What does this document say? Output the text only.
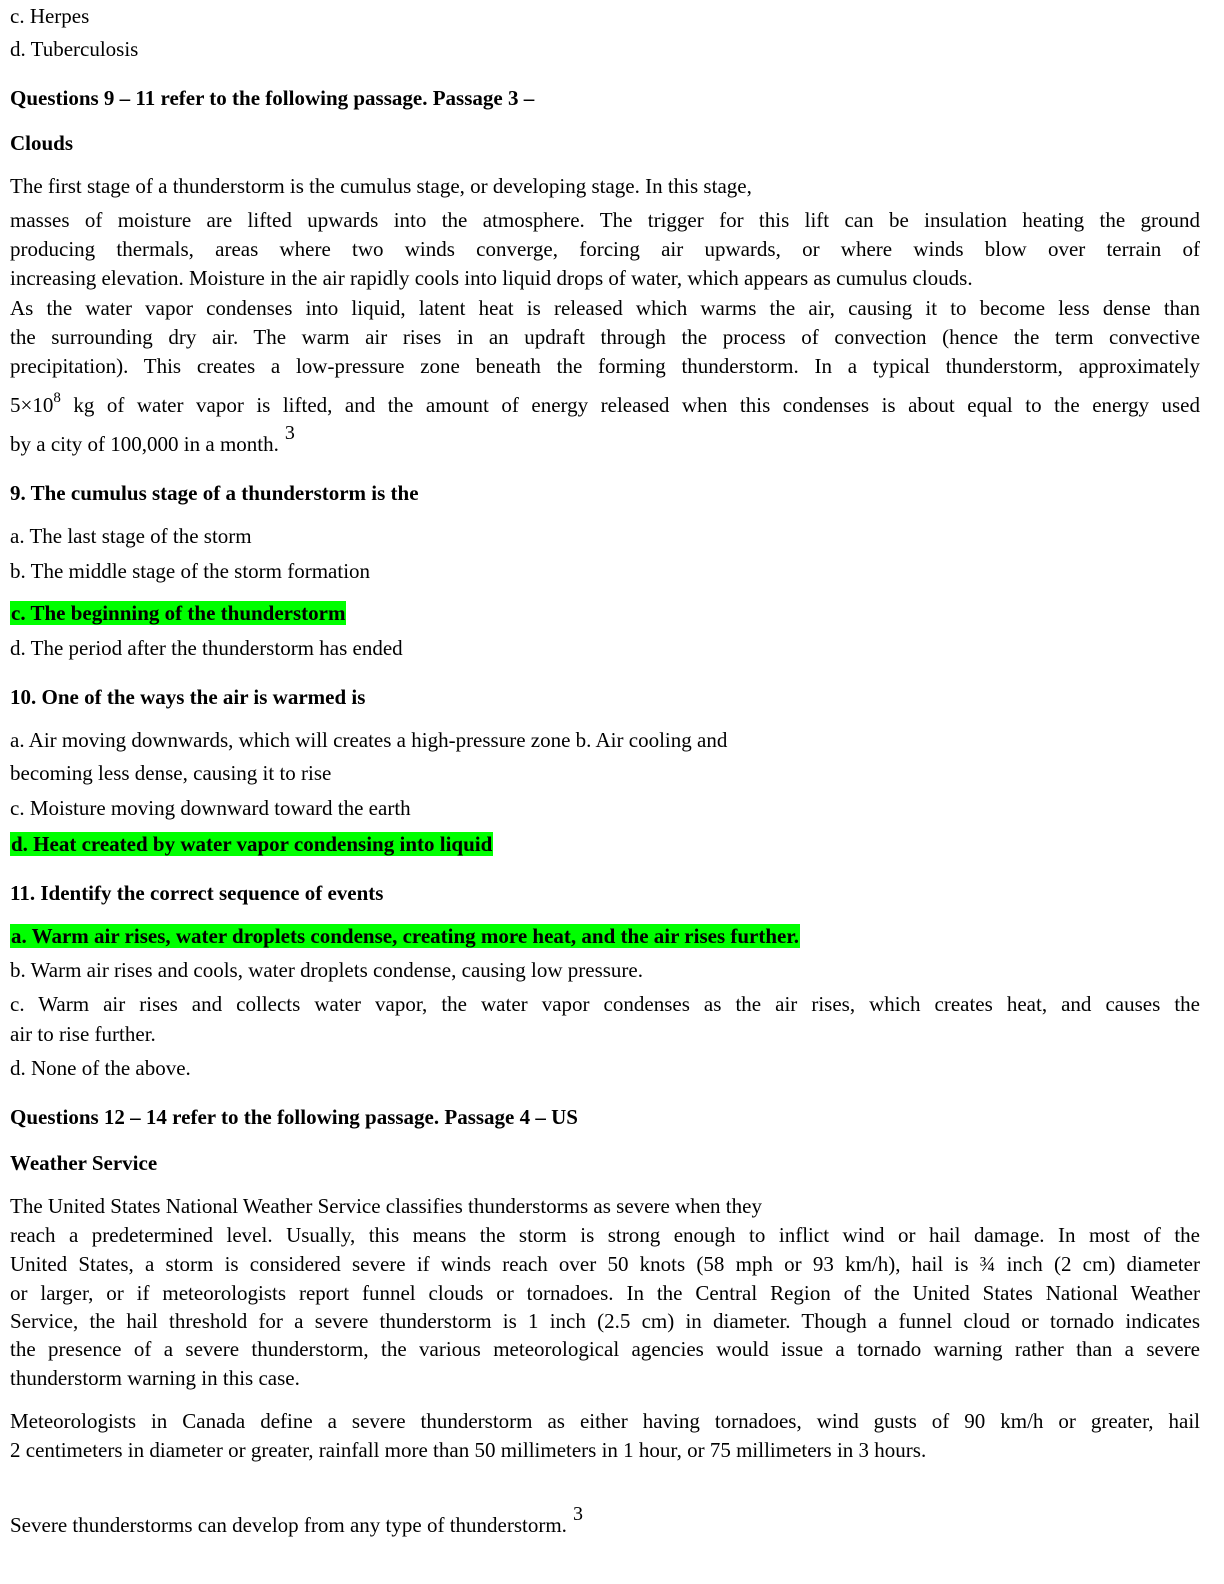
c. Herpes
d. Tuberculosis
Questions 9 – 11 refer to the following passage. Passage 3 –
Clouds
The first stage of a thunderstorm is the cumulus stage, or developing stage. In this stage,
masses of moisture are lifted upwards into the atmosphere. The trigger for this lift can be insulation heating the ground
producing thermals, areas where two winds converge, forcing air upwards, or where winds blow over terrain of
increasing elevation. Moisture in the air rapidly cools into liquid drops of water, which appears as cumulus clouds.
As the water vapor condenses into liquid, latent heat is released which warms the air, causing it to become less dense than
the surrounding dry air. The warm air rises in an updraft through the process of convection (hence the term convective
precipitation). This creates a low-pressure zone beneath the forming thunderstorm. In a typical thunderstorm, approximately
$5\times 10^8$ kg of water vapor is lifted, and the amount of energy released when this condenses is about equal to the energy used
by a city of 100,000 in a month. 3
9. The cumulus stage of a thunderstorm is the
a. The last stage of the storm
b. The middle stage of the storm formation
c. The beginning of the thunderstorm
d. The period after the thunderstorm has ended
10. One of the ways the air is warmed is
a. Air moving downwards, which will creates a high-pressure zone b. Air cooling and
becoming less dense, causing it to rise
c. Moisture moving downward toward the earth
d. Heat created by water vapor condensing into liquid
11. Identify the correct sequence of events
a. Warm air rises, water droplets condense, creating more heat, and the air rises further.
b. Warm air rises and cools, water droplets condense, causing low pressure.
c. Warm air rises and collects water vapor, the water vapor condenses as the air rises, which creates heat, and causes the
air to rise further.
d. None of the above.
Questions 12 – 14 refer to the following passage. Passage 4 – US
Weather Service
The United States National Weather Service classifies thunderstorms as severe when they
reach a predetermined level. Usually, this means the storm is strong enough to inflict wind or hail damage. In most of the
United States, a storm is considered severe if winds reach over 50 knots (58 mph or 93 km/h), hail is ¾ inch (2 cm) diameter
or larger, or if meteorologists report funnel clouds or tornadoes. In the Central Region of the United States National Weather
Service, the hail threshold for a severe thunderstorm is 1 inch (2.5 cm) in diameter. Though a funnel cloud or tornado indicates
the presence of a severe thunderstorm, the various meteorological agencies would issue a tornado warning rather than a severe
thunderstorm warning in this case.
Meteorologists in Canada define a severe thunderstorm as either having tornadoes, wind gusts of 90 km/h or greater, hail
2 centimeters in diameter or greater, rainfall more than 50 millimeters in 1 hour, or 75 millimeters in 3 hours.
Severe thunderstorms can develop from any type of thunderstorm. 3
